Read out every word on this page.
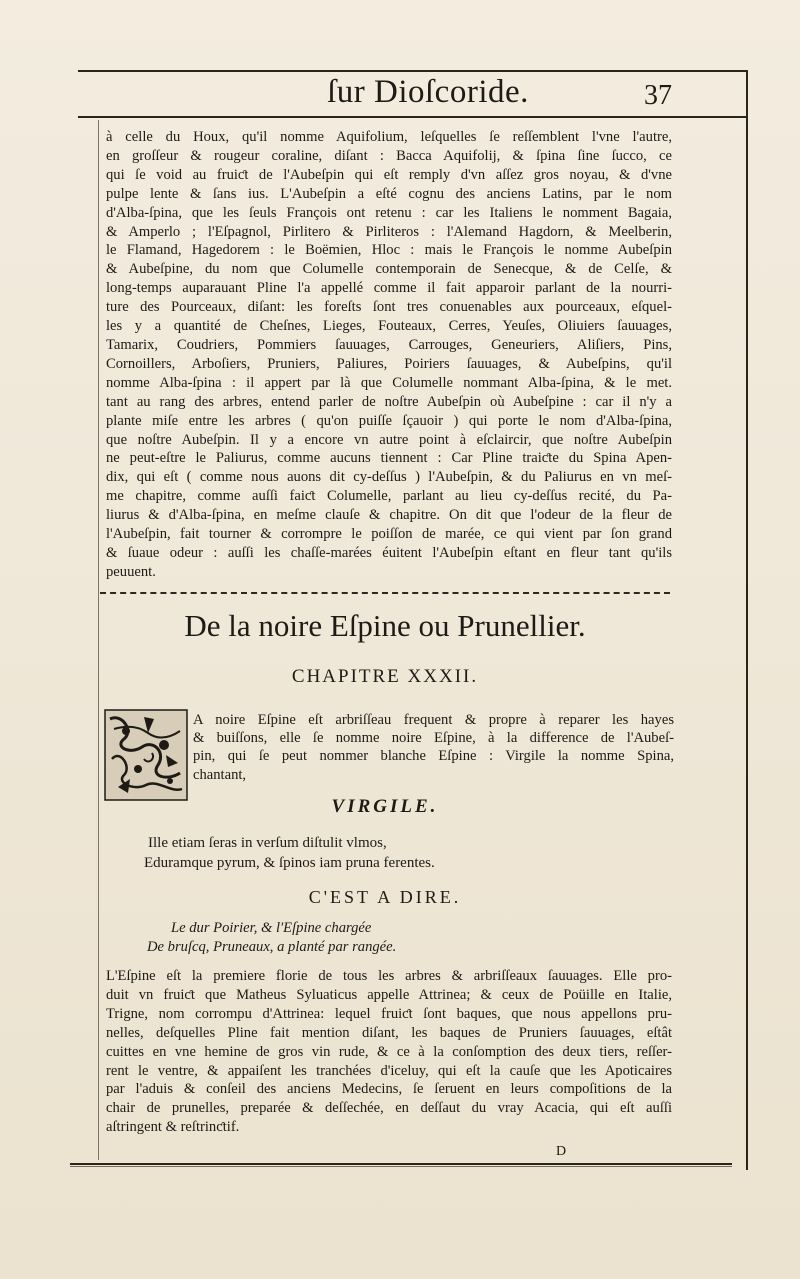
ſur Dioſcoride.	37
à celle du Houx, qu'il nomme Aquifolium, leſquelles ſe reſſemblent l'vne l'autre,
en groſſeur & rougeur coraline, diſant : Bacca Aquifolij, & ſpina ſine ſucco, ce
qui ſe void au fruiƈt de l'Aubeſpin qui eſt remply d'vn aſſez gros noyau, & d'vne
pulpe lente & ſans ius. L'Aubeſpin a eſté cognu des anciens Latins, par le nom
d'Alba-ſpina, que les ſeuls François ont retenu : car les Italiens le nomment Bagaia,
& Amperlo ; l'Eſpagnol, Pirlitero & Pirliteros : l'Alemand Hagdorn, & Meelberin,
le Flamand, Hagedorem : le Boëmien, Hloc : mais le François le nomme Aubeſpin
& Aubeſpine, du nom que Columelle contemporain de Senecque, & de Celſe, &
long-temps auparauant Pline l'a appellé comme il fait apparoir parlant de la nourri-
ture des Pourceaux, diſant: les foreſts ſont tres conuenables aux pourceaux, eſquel-
les y a quantité de Cheſnes, Lieges, Fouteaux, Cerres, Yeuſes, Oliuiers ſauuages,
Tamarix, Coudriers, Pommiers ſauuages, Carrouges, Geneuriers, Aliſiers, Pins,
Cornoillers, Arboſiers, Pruniers, Paliures, Poiriers ſauuages, & Aubeſpins, qu'il
nomme Alba-ſpina : il appert par là que Columelle nommant Alba-ſpina, & le met.
tant au rang des arbres, entend parler de noſtre Aubeſpin où Aubeſpine : car il n'y a
plante miſe entre les arbres ( qu'on puiſſe ſçauoir ) qui porte le nom d'Alba-ſpina,
que noſtre Aubeſpin. Il y a encore vn autre point à eſclaircir, que noſtre Aubeſpin
ne peut-eſtre le Paliurus, comme aucuns tiennent : Car Pline traiƈte du Spina Apen-
dix, qui eſt ( comme nous auons dit cy-deſſus ) l'Aubeſpin, & du Paliurus en vn meſ-
me chapitre, comme auſſi faiƈt Columelle, parlant au lieu cy-deſſus recité, du Pa-
liurus & d'Alba-ſpina, en meſme clauſe & chapitre. On dit que l'odeur de la fleur de
l'Aubeſpin, fait tourner & corrompre le poiſſon de marée, ce qui vient par ſon grand
& ſuaue odeur : auſſi les chaſſe-marées éuitent l'Aubeſpin eſtant en fleur tant qu'ils
peuuent.
De la noire Eſpine ou Prunellier.
CHAPITRE XXXII.
A noire Eſpine eſt arbriſſeau frequent & propre à reparer les hayes
& buiſſons, elle ſe nomme noire Eſpine, à la difference de l'Aubeſ-
pin, qui ſe peut nommer blanche Eſpine : Virgile la nomme Spina,
chantant,
VIRGILE.
Ille etiam ſeras in verſum diſtulit vlmos,
Eduramque pyrum, & ſpinos iam pruna ferentes.
C'EST A DIRE.
Le dur Poirier, & l'Eſpine chargée
De bruſcq, Pruneaux, a planté par rangée.
L'Eſpine eſt la premiere florie de tous les arbres & arbriſſeaux ſauuages. Elle pro-
duit vn fruiƈt que Matheus Syluaticus appelle Attrinea; & ceux de Poüille en Italie,
Trigne, nom corrompu d'Attrinea: lequel fruiƈt ſont baques, que nous appellons pru-
nelles, deſquelles Pline fait mention diſant, les baques de Pruniers ſauuages, eſtât
cuittes en vne hemine de gros vin rude, & ce à la conſomption des deux tiers, reſſer-
rent le ventre, & appaiſent les tranchées d'iceluy, qui eſt la cauſe que les Apoticaires
par l'aduis & conſeil des anciens Medecins, ſe ſeruent en leurs compoſitions de la
chair de prunelles, preparée & deſſechée, en deſſaut du vray Acacia, qui eſt auſſi
aſtringent & reſtrinƈtif.
D
